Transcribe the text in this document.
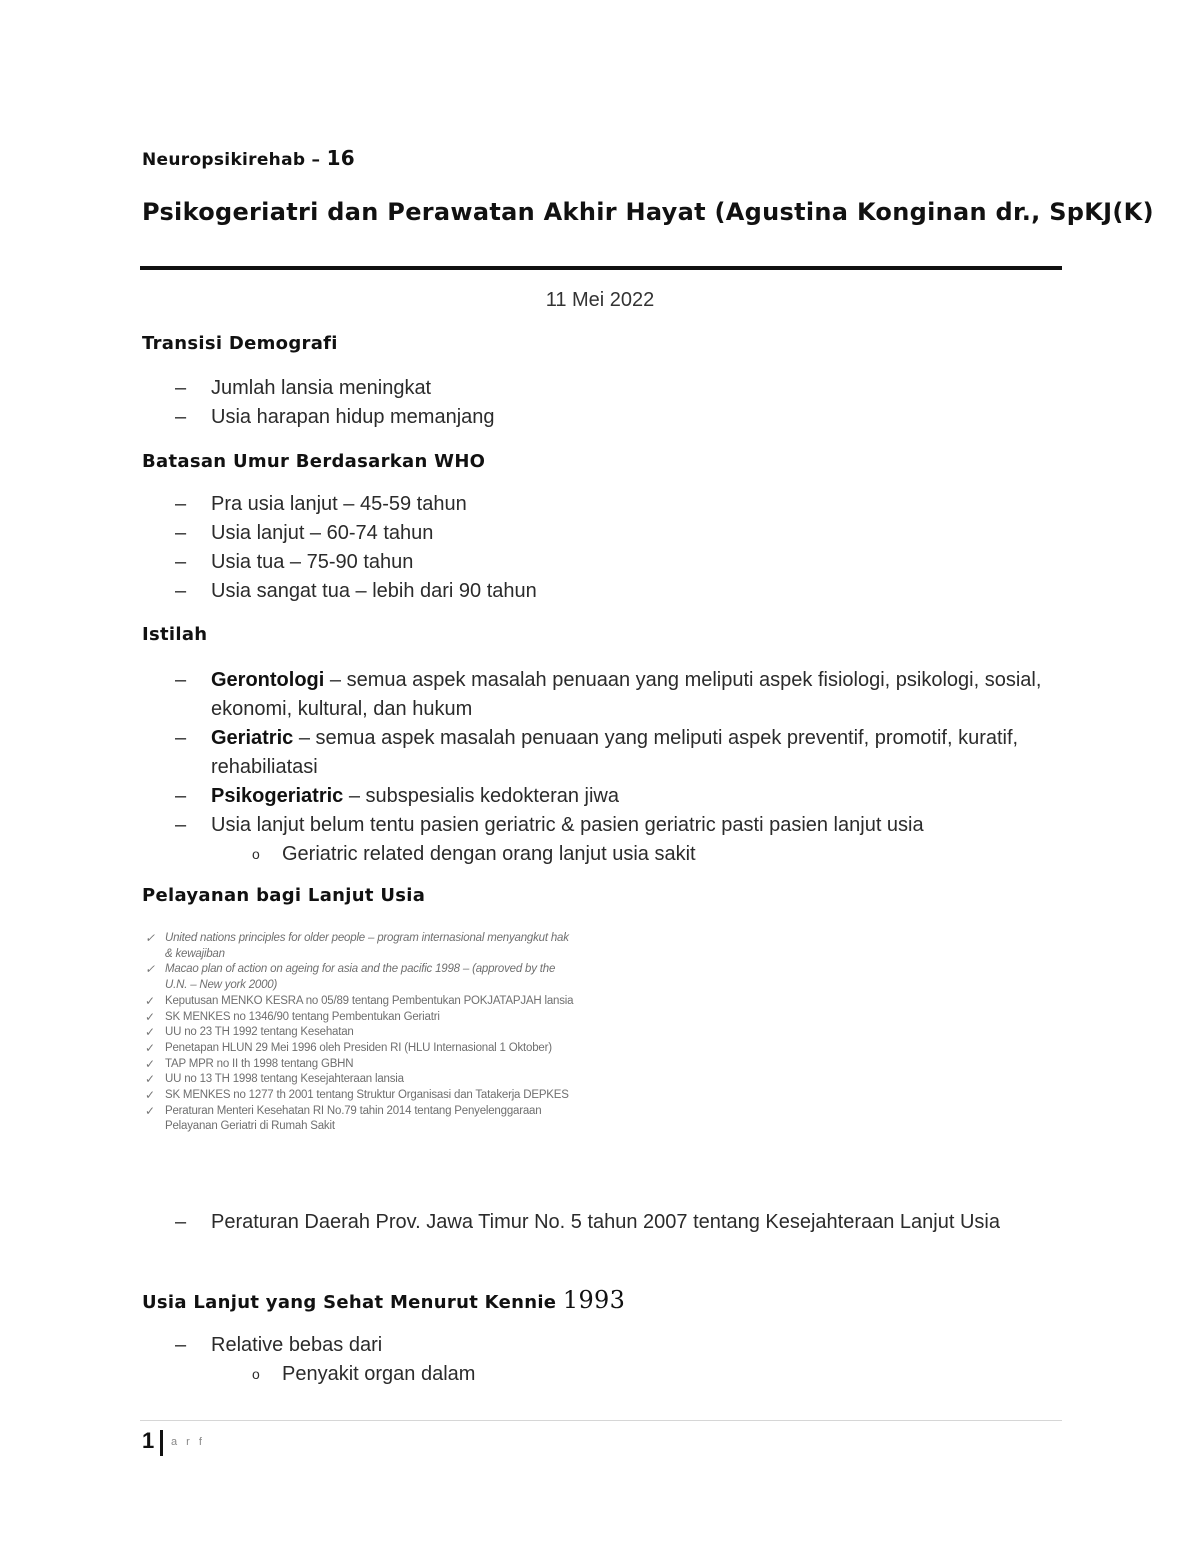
Neuropsikirehab – 16
Psikogeriatri dan Perawatan Akhir Hayat (Agustina Konginan dr., SpKJ(K)
11 Mei 2022
Transisi Demografi
– Jumlah lansia meningkat
– Usia harapan hidup memanjang
Batasan Umur Berdasarkan WHO
– Pra usia lanjut – 45-59 tahun
– Usia lanjut – 60-74 tahun
– Usia tua – 75-90 tahun
– Usia sangat tua – lebih dari 90 tahun
Istilah
– Gerontologi – semua aspek masalah penuaan yang meliputi aspek fisiologi, psikologi, sosial, ekonomi, kultural, dan hukum
– Geriatric – semua aspek masalah penuaan yang meliputi aspek preventif, promotif, kuratif, rehabiliatasi
– Psikogeriatric – subspesialis kedokteran jiwa
– Usia lanjut belum tentu pasien geriatric & pasien geriatric pasti pasien lanjut usia
o Geriatric related dengan orang lanjut usia sakit
Pelayanan bagi Lanjut Usia
✓ United nations principles for older people – program internasional menyangkut hak & kewajiban
✓ Macao plan of action on ageing for asia and the pacific 1998 – (approved by the U.N. – New york 2000)
✓ Keputusan MENKO KESRA no 05/89 tentang Pembentukan POKJATAPJAH lansia
✓ SK MENKES no 1346/90 tentang Pembentukan Geriatri
✓ UU no 23 TH 1992 tentang Kesehatan
✓ Penetapan HLUN 29 Mei 1996 oleh Presiden RI (HLU Internasional 1 Oktober)
✓ TAP MPR no II th 1998 tentang GBHN
✓ UU no 13 TH 1998 tentang Kesejahteraan lansia
✓ SK MENKES no 1277 th 2001 tentang Struktur Organisasi dan Tatakerja DEPKES
✓ Peraturan Menteri Kesehatan RI No.79 tahin 2014 tentang Penyelenggaraan Pelayanan Geriatri di Rumah Sakit
– Peraturan Daerah Prov. Jawa Timur No. 5 tahun 2007 tentang Kesejahteraan Lanjut Usia
Usia Lanjut yang Sehat Menurut Kennie 1993
– Relative bebas dari
o Penyakit organ dalam
1 a r f
